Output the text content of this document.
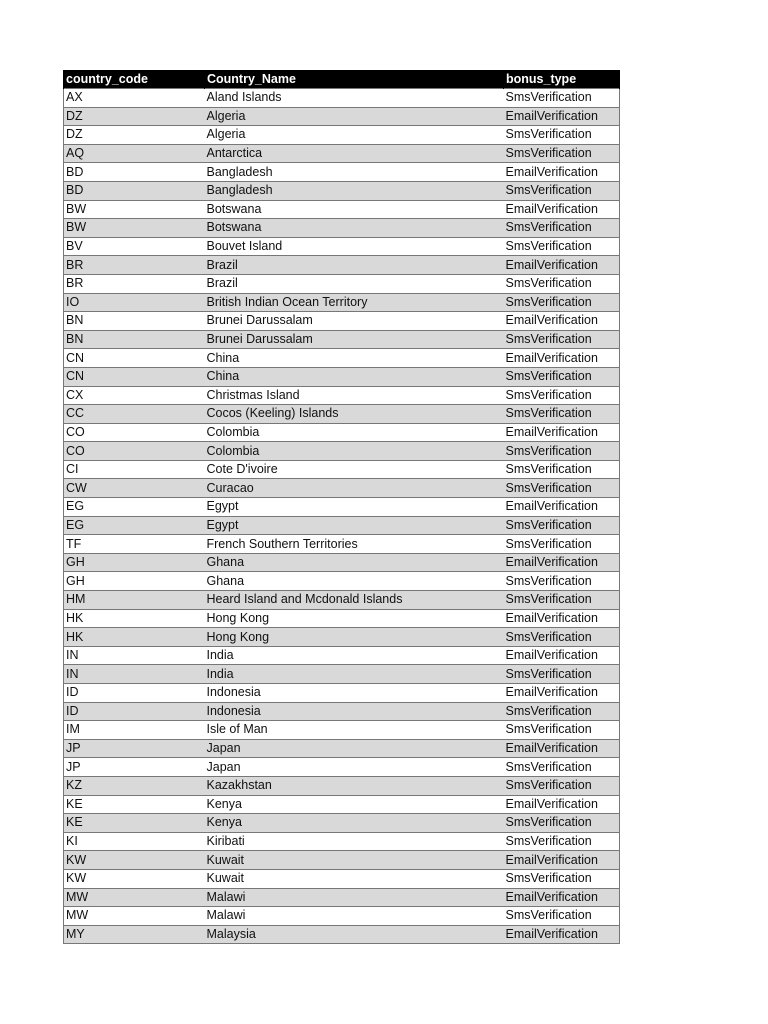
country_code	Country_Name	bonus_type
AX	Aland Islands	SmsVerification
DZ	Algeria	EmailVerification
DZ	Algeria	SmsVerification
AQ	Antarctica	SmsVerification
BD	Bangladesh	EmailVerification
BD	Bangladesh	SmsVerification
BW	Botswana	EmailVerification
BW	Botswana	SmsVerification
BV	Bouvet Island	SmsVerification
BR	Brazil	EmailVerification
BR	Brazil	SmsVerification
IO	British Indian Ocean Territory	SmsVerification
BN	Brunei Darussalam	EmailVerification
BN	Brunei Darussalam	SmsVerification
CN	China	EmailVerification
CN	China	SmsVerification
CX	Christmas Island	SmsVerification
CC	Cocos (Keeling) Islands	SmsVerification
CO	Colombia	EmailVerification
CO	Colombia	SmsVerification
CI	Cote D'ivoire	SmsVerification
CW	Curacao	SmsVerification
EG	Egypt	EmailVerification
EG	Egypt	SmsVerification
TF	French Southern Territories	SmsVerification
GH	Ghana	EmailVerification
GH	Ghana	SmsVerification
HM	Heard Island and Mcdonald Islands	SmsVerification
HK	Hong Kong	EmailVerification
HK	Hong Kong	SmsVerification
IN	India	EmailVerification
IN	India	SmsVerification
ID	Indonesia	EmailVerification
ID	Indonesia	SmsVerification
IM	Isle of Man	SmsVerification
JP	Japan	EmailVerification
JP	Japan	SmsVerification
KZ	Kazakhstan	SmsVerification
KE	Kenya	EmailVerification
KE	Kenya	SmsVerification
KI	Kiribati	SmsVerification
KW	Kuwait	EmailVerification
KW	Kuwait	SmsVerification
MW	Malawi	EmailVerification
MW	Malawi	SmsVerification
MY	Malaysia	EmailVerification
